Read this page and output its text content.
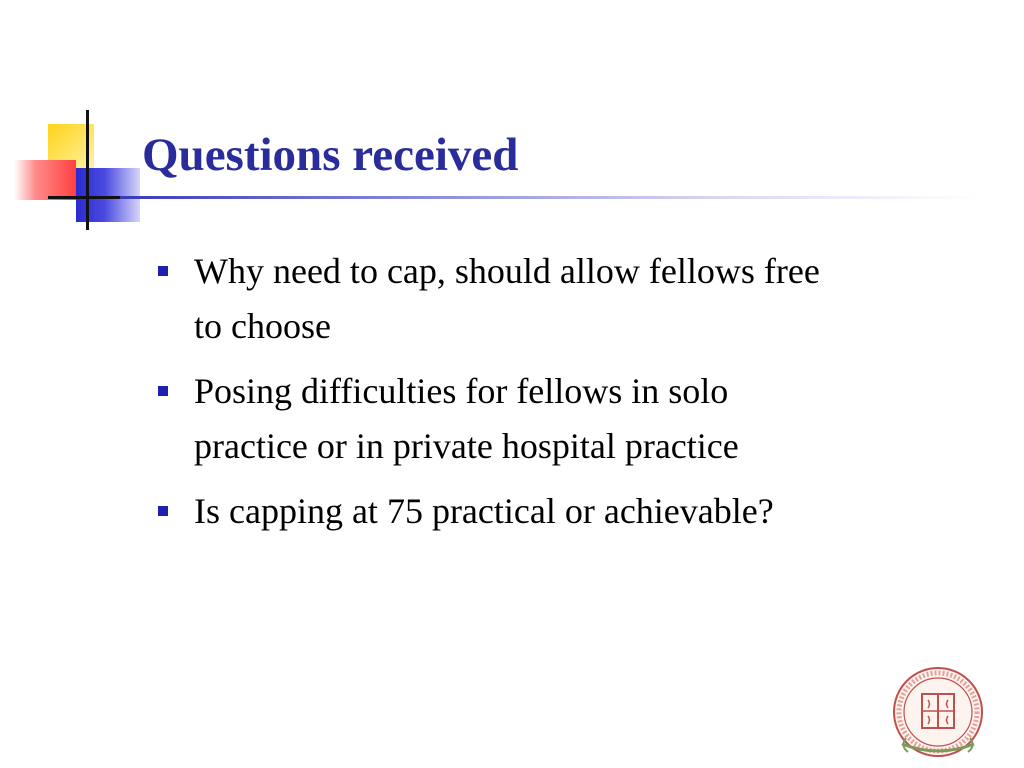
Questions received
Why need to cap, should allow fellows free to choose
Posing difficulties for fellows in solo practice or in private hospital practice
Is capping at 75 practical or achievable?
